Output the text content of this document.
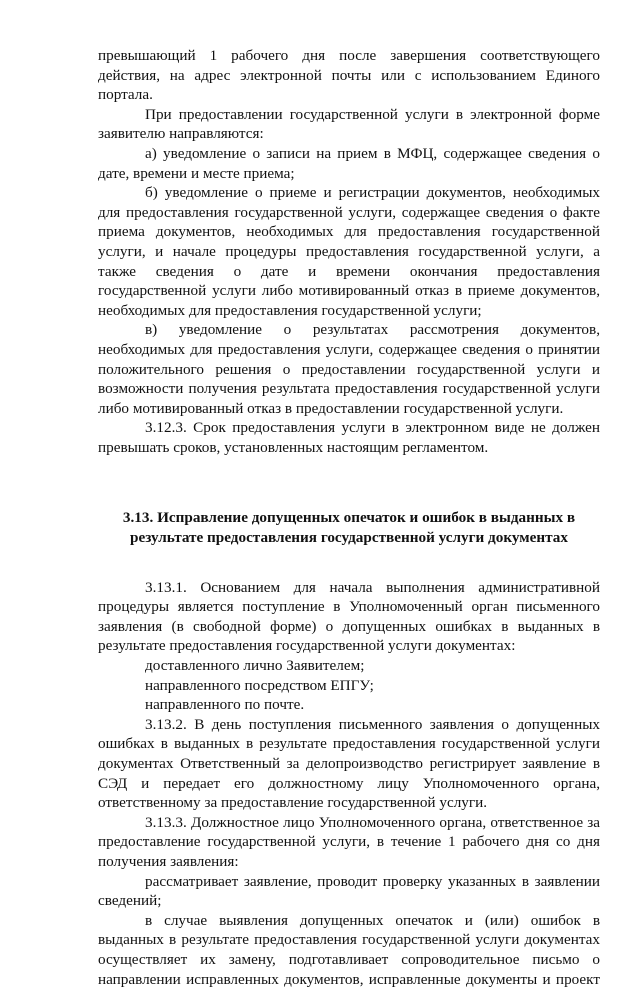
превышающий 1 рабочего дня после завершения соответствующего действия, на адрес электронной почты или с использованием Единого портала.

При предоставлении государственной услуги в электронной форме заявителю направляются:

а) уведомление о записи на прием в МФЦ, содержащее сведения о дате, времени и месте приема;

б) уведомление о приеме и регистрации документов, необходимых для предоставления государственной услуги, содержащее сведения о факте приема документов, необходимых для предоставления государственной услуги, и начале процедуры предоставления государственной услуги, а также сведения о дате и времени окончания предоставления государственной услуги либо мотивированный отказ в приеме документов, необходимых для предоставления государственной услуги;

в) уведомление о результатах рассмотрения документов, необходимых для предоставления услуги, содержащее сведения о принятии положительного решения о предоставлении государственной услуги и возможности получения результата предоставления государственной услуги либо мотивированный отказ в предоставлении государственной услуги.

3.12.3. Срок предоставления услуги в электронном виде не должен превышать сроков, установленных настоящим регламентом.

3.13. Исправление допущенных опечаток и ошибок в выданных в

результате предоставления государственной услуги документах

3.13.1. Основанием для начала выполнения административной процедуры является поступление в Уполномоченный орган письменного заявления (в свободной форме) о допущенных ошибках в выданных в результате предоставления государственной услуги документах:

доставленного лично Заявителем;

направленного посредством ЕПГУ;

направленного по почте.

3.13.2. В день поступления письменного заявления о допущенных ошибках в выданных в результате предоставления государственной услуги документах Ответственный за делопроизводство регистрирует заявление в СЭД и передает его должностному лицу Уполномоченного органа, ответственному за предоставление государственной услуги.

3.13.3. Должностное лицо Уполномоченного органа, ответственное за предоставление государственной услуги, в течение 1 рабочего дня со дня получения заявления:

рассматривает заявление, проводит проверку указанных в заявлении сведений;

в случае выявления допущенных опечаток и (или) ошибок в выданных в результате предоставления государственной услуги документах осуществляет их замену, подготавливает сопроводительное письмо о направлении исправленных документов, исправленные документы и проект
